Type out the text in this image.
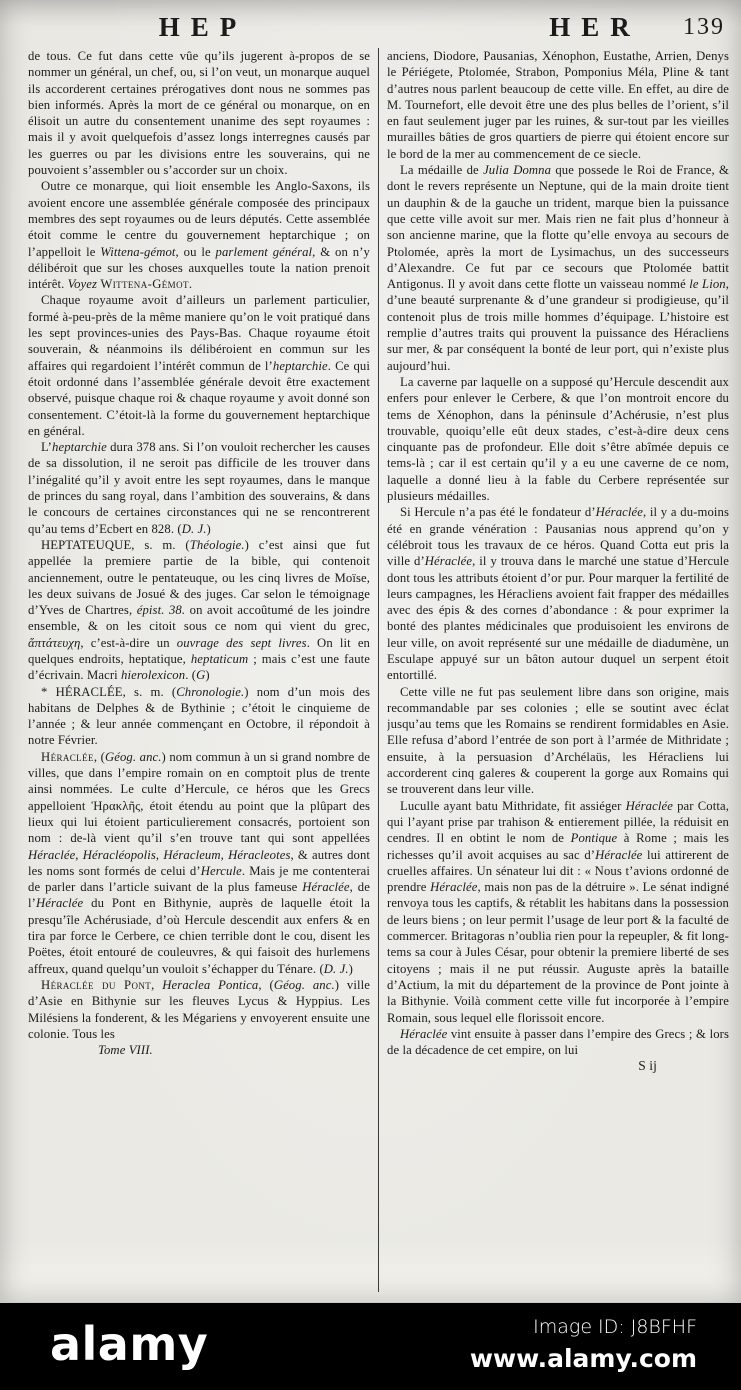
HEP	HER	139

de tous. Ce fut dans cette vûe qu’ils jugerent à-propos de se nommer un général, un chef, ou, si l’on veut, un monarque auquel ils accorderent certaines prérogatives dont nous ne sommes pas bien informés. Après la mort de ce général ou monarque, on en élisoit un autre du consentement unanime des sept royaumes : mais il y avoit quelquefois d’assez longs interregnes causés par les guerres ou par les divisions entre les souverains, qui ne pouvoient s’assembler ou s’accorder sur un choix.

Outre ce monarque, qui lioit ensemble les Anglo-Saxons, ils avoient encore une assemblée générale composée des principaux membres des sept royaumes ou de leurs députés. Cette assemblée étoit comme le centre du gouvernement heptarchique ; on l’appelloit le Wittena-gémot, ou le parlement général, & on n’y délibéroit que sur les choses auxquelles toute la nation prenoit intérêt. Voyez Wittena-Gémot.

Chaque royaume avoit d’ailleurs un parlement particulier, formé à-peu-près de la même maniere qu’on le voit pratiqué dans les sept provinces-unies des Pays-Bas. Chaque royaume étoit souverain, & néanmoins ils délibéroient en commun sur les affaires qui regardoient l’intérêt commun de l’heptarchie. Ce qui étoit ordonné dans l’assemblée générale devoit être exactement observé, puisque chaque roi & chaque royaume y avoit donné son consentement. C’étoit-là la forme du gouvernement heptarchique en général.

L’heptarchie dura 378 ans. Si l’on vouloit rechercher les causes de sa dissolution, il ne seroit pas difficile de les trouver dans l’inégalité qu’il y avoit entre les sept royaumes, dans le manque de princes du sang royal, dans l’ambition des souverains, & dans le concours de certaines circonstances qui ne se rencontrerent qu’au tems d’Ecbert en 828. (D. J.)

HEPTATEUQUE, s. m. (Théologie.) c’est ainsi que fut appellée la premiere partie de la bible, qui contenoit anciennement, outre le pentateuque, ou les cinq livres de Moïse, les deux suivans de Josué & des juges. Car selon le témoignage d’Yves de Chartres, épist. 38. on avoit accoûtumé de les joindre ensemble, & on les citoit sous ce nom qui vient du grec, ἅπτάτευχη, c’est-à-dire un ouvrage des sept livres. On lit en quelques endroits, heptatique, heptaticum ; mais c’est une faute d’écrivain. Macri hierolexicon. (G)

* HÉRACLÉE, s. m. (Chronologie.) nom d’un mois des habitans de Delphes & de Bythinie ; c’étoit le cinquieme de l’année ; & leur année commençant en Octobre, il répondoit à notre Février.

Héraclée, (Géog. anc.) nom commun à un si grand nombre de villes, que dans l’empire romain on en comptoit plus de trente ainsi nommées. Le culte d’Hercule, ce héros que les Grecs appelloient Ἡρακλῆς, étoit étendu au point que la plûpart des lieux qui lui étoient particulierement consacrés, portoient son nom : de-là vient qu’il s’en trouve tant qui sont appellées Héraclée, Héracléopolis, Héracleum, Héracleotes, & autres dont les noms sont formés de celui d’Hercule. Mais je me contenterai de parler dans l’article suivant de la plus fameuse Héraclée, de l’Héraclée du Pont en Bithynie, auprès de laquelle étoit la presqu’île Achérusiade, d’où Hercule descendit aux enfers & en tira par force le Cerbere, ce chien terrible dont le cou, disent les Poëtes, étoit entouré de couleuvres, & qui faisoit des hurlemens affreux, quand quelqu’un vouloit s’échapper du Ténare. (D. J.)

Héraclée du Pont, Heraclea Pontica, (Géog. anc.) ville d’Asie en Bithynie sur les fleuves Lycus & Hyppius. Les Milésiens la fonderent, & les Mégariens y envoyerent ensuite une colonie. Tous les

Tome VIII.

anciens, Diodore, Pausanias, Xénophon, Eustathe, Arrien, Denys le Périégete, Ptolomée, Strabon, Pomponius Méla, Pline & tant d’autres nous parlent beaucoup de cette ville. En effet, au dire de M. Tournefort, elle devoit être une des plus belles de l’orient, s’il en faut seulement juger par les ruines, & sur-tout par les vieilles murailles bâties de gros quartiers de pierre qui étoient encore sur le bord de la mer au commencement de ce siecle.

La médaille de Julia Domna que possede le Roi de France, & dont le revers représente un Neptune, qui de la main droite tient un dauphin & de la gauche un trident, marque bien la puissance que cette ville avoit sur mer. Mais rien ne fait plus d’honneur à son ancienne marine, que la flotte qu’elle envoya au secours de Ptolomée, après la mort de Lysimachus, un des successeurs d’Alexandre. Ce fut par ce secours que Ptolomée battit Antigonus. Il y avoit dans cette flotte un vaisseau nommé le Lion, d’une beauté surprenante & d’une grandeur si prodigieuse, qu’il contenoit plus de trois mille hommes d’équipage. L’histoire est remplie d’autres traits qui prouvent la puissance des Héracliens sur mer, & par conséquent la bonté de leur port, qui n’existe plus aujourd’hui.

La caverne par laquelle on a supposé qu’Hercule descendit aux enfers pour enlever le Cerbere, & que l’on montroit encore du tems de Xénophon, dans la péninsule d’Achérusie, n’est plus trouvable, quoiqu’elle eût deux stades, c’est-à-dire deux cens cinquante pas de profondeur. Elle doit s’être abîmée depuis ce tems-là ; car il est certain qu’il y a eu une caverne de ce nom, laquelle a donné lieu à la fable du Cerbere représentée sur plusieurs médailles.

Si Hercule n’a pas été le fondateur d’Héraclée, il y a du-moins été en grande vénération : Pausanias nous apprend qu’on y célébroit tous les travaux de ce héros. Quand Cotta eut pris la ville d’Héraclée, il y trouva dans le marché une statue d’Hercule dont tous les attributs étoient d’or pur. Pour marquer la fertilité de leurs campagnes, les Héracliens avoient fait frapper des médailles avec des épis & des cornes d’abondance : & pour exprimer la bonté des plantes médicinales que produisoient les environs de leur ville, on avoit représenté sur une médaille de diadumène, un Esculape appuyé sur un bâton autour duquel un serpent étoit entortillé.

Cette ville ne fut pas seulement libre dans son origine, mais recommandable par ses colonies ; elle se soutint avec éclat jusqu’au tems que les Romains se rendirent formidables en Asie. Elle refusa d’abord l’entrée de son port à l’armée de Mithridate ; ensuite, à la persuasion d’Archélaüs, les Héracliens lui accorderent cinq galeres & couperent la gorge aux Romains qui se trouverent dans leur ville.

Luculle ayant batu Mithridate, fit assiéger Héraclée par Cotta, qui l’ayant prise par trahison & entierement pillée, la réduisit en cendres. Il en obtint le nom de Pontique à Rome ; mais les richesses qu’il avoit acquises au sac d’Héraclée lui attirerent de cruelles affaires. Un sénateur lui dit : « Nous t’avions ordonné de prendre Héraclée, mais non pas de la détruire ». Le sénat indigné renvoya tous les captifs, & rétablit les habitans dans la possession de leurs biens ; on leur permit l’usage de leur port & la faculté de commercer. Britagoras n’oublia rien pour la repeupler, & fit long-tems sa cour à Jules César, pour obtenir la premiere liberté de ses citoyens ; mais il ne put réussir. Auguste après la bataille d’Actium, la mit du département de la province de Pont jointe à la Bithynie. Voilà comment cette ville fut incorporée à l’empire Romain, sous lequel elle florissoit encore.

Héraclée vint ensuite à passer dans l’empire des Grecs ; & lors de la décadence de cet empire, on lui

S ij

alamy	Image ID: J8BFHF
www.alamy.com
